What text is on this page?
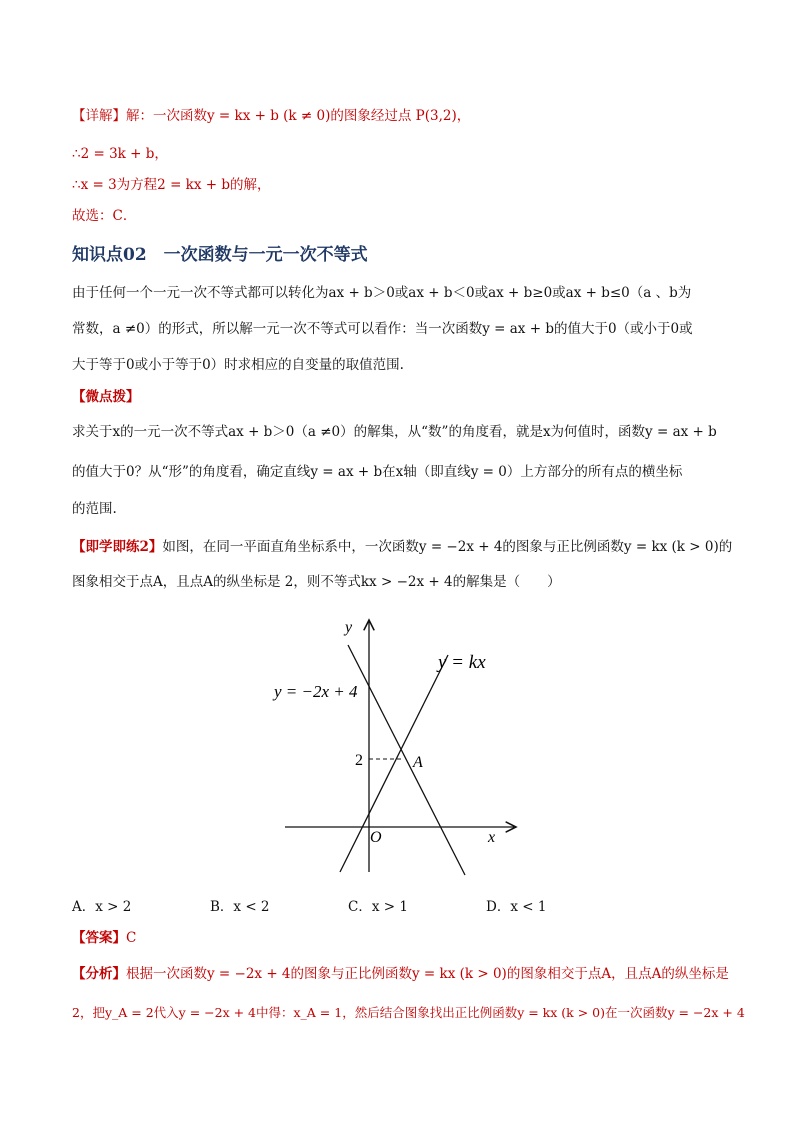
【详解】解：一次函数y = kx + b (k ≠ 0)的图象经过点 P(3,2)，
∴2 = 3k + b，
∴x = 3为方程2 = kx + b的解，
故选：C．
知识点02　一次函数与一元一次不等式
由于任何一个一元一次不等式都可以转化为ax + b＞0或ax + b＜0或ax + b≥0或ax + b≤0（a 、b为
常数，a ≠0）的形式，所以解一元一次不等式可以看作：当一次函数y = ax + b的值大于0（或小于0或
大于等于0或小于等于0）时求相应的自变量的取值范围.
【微点拨】
求关于x的一元一次不等式ax + b＞0（a ≠0）的解集，从“数”的角度看，就是x为何值时，函数y = ax + b
的值大于0？从“形”的角度看，确定直线y = ax + b在x轴（即直线y = 0）上方部分的所有点的横坐标
的范围.
【即学即练2】如图，在同一平面直角坐标系中，一次函数y = −2x + 4的图象与正比例函数y = kx (k > 0)的
图象相交于点A，且点A的纵坐标是 2，则不等式kx > −2x + 4的解集是（　　）
y
x
O
2	A
y = kx
y = −2x + 4
A．x > 2	B．x < 2	C．x > 1	D．x < 1
【答案】C
【分析】根据一次函数y = −2x + 4的图象与正比例函数y = kx (k > 0)的图象相交于点A，且点A的纵坐标是
2，把y_A = 2代入y = −2x + 4中得：x_A = 1，然后结合图象找出正比例函数y = kx (k > 0)在一次函数y = −2x + 4
